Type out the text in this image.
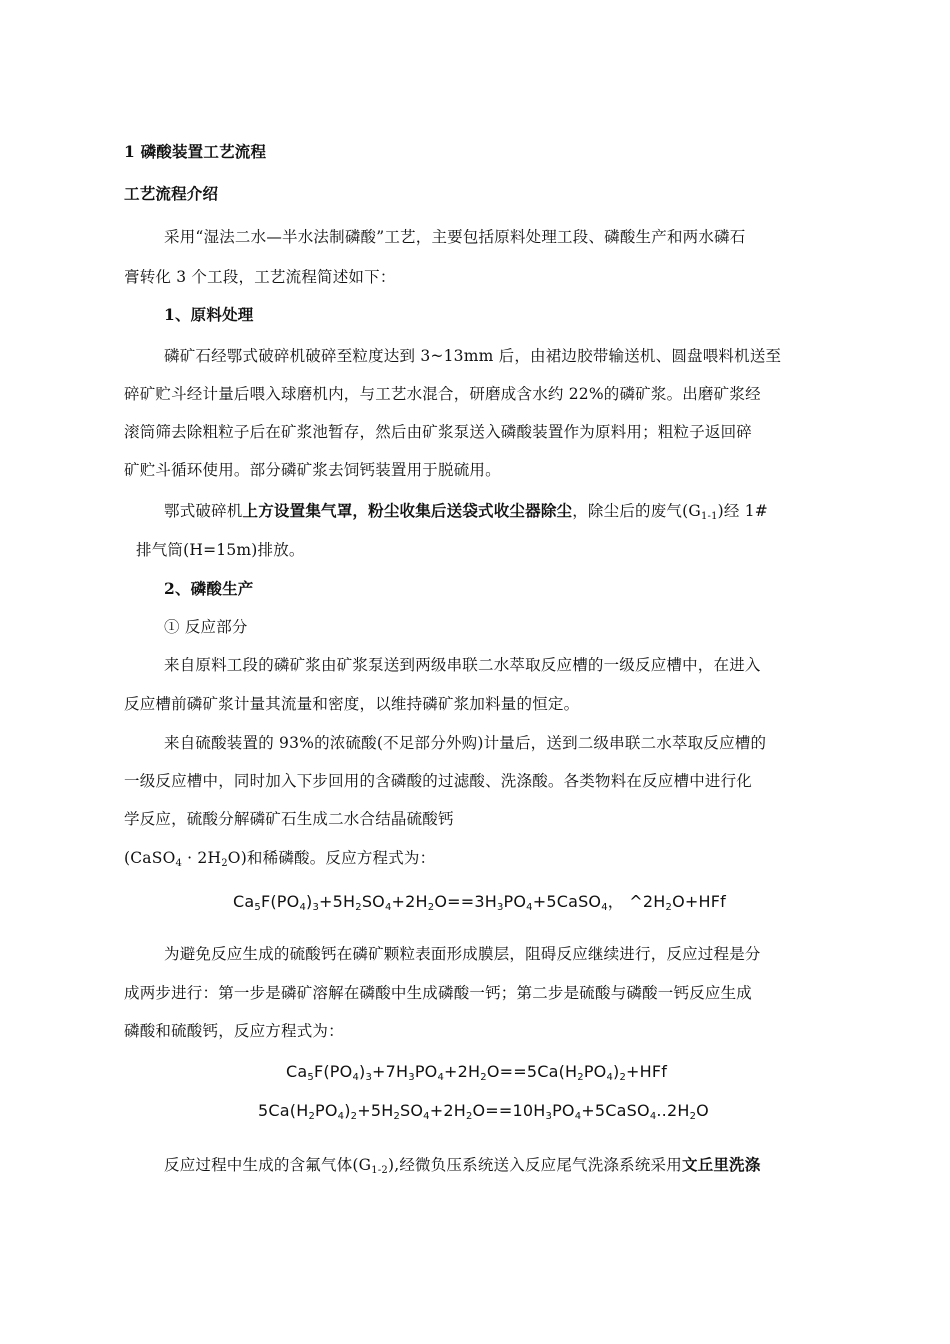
1 磷酸装置工艺流程
工艺流程介绍
采用“湿法二水—半水法制磷酸”工艺，主要包括原料处理工段、磷酸生产和两水磷石
膏转化 3 个工段，工艺流程简述如下：
1、原料处理
磷矿石经鄂式破碎机破碎至粒度达到 3~13mm 后，由裙边胶带输送机、圆盘喂料机送至
碎矿贮斗经计量后喂入球磨机内，与工艺水混合，研磨成含水约 22%的磷矿浆。出磨矿浆经
滚筒筛去除粗粒子后在矿浆池暂存，然后由矿浆泵送入磷酸装置作为原料用；粗粒子返回碎
矿贮斗循环使用。部分磷矿浆去饲钙装置用于脱硫用。
鄂式破碎机上方设置集气罩，粉尘收集后送袋式收尘器除尘，除尘后的废气$(G_{1-1})$经 1#
排气筒(H=15m)排放。
2、磷酸生产
① 反应部分
来自原料工段的磷矿浆由矿浆泵送到两级串联二水萃取反应槽的一级反应槽中，在进入
反应槽前磷矿浆计量其流量和密度，以维持磷矿浆加料量的恒定。
来自硫酸装置的 93%的浓硫酸(不足部分外购)计量后，送到二级串联二水萃取反应槽的
一级反应槽中，同时加入下步回用的含磷酸的过滤酸、洗涤酸。各类物料在反应槽中进行化
学反应，硫酸分解磷矿石生成二水合结晶硫酸钙
(CaSO$_4$ · $2H_2O$)和稀磷酸。反应方程式为：
$Ca_5F(PO_4)_3+5H_2SO_4+2H_2O==3H_3PO_4+5CaSO_4$， $\^{}2H_2O+HFf$
为避免反应生成的硫酸钙在磷矿颗粒表面形成膜层，阻碍反应继续进行，反应过程是分
成两步进行：第一步是磷矿溶解在磷酸中生成磷酸一钙；第二步是硫酸与磷酸一钙反应生成
磷酸和硫酸钙，反应方程式为：
$Ca_5F(PO_4)_3+7H_3PO_4+2H_2O==5Ca(H_2PO_4)_2+HFf$
$5Ca(H_2PO_4)_2+5H_2SO_4+2H_2O==10H_3PO_4+5CaSO_4..2H_2O$
反应过程中生成的含氟气体$(G_{1-2})$,经微负压系统送入反应尾气洗涤系统采用文丘里洗涤
